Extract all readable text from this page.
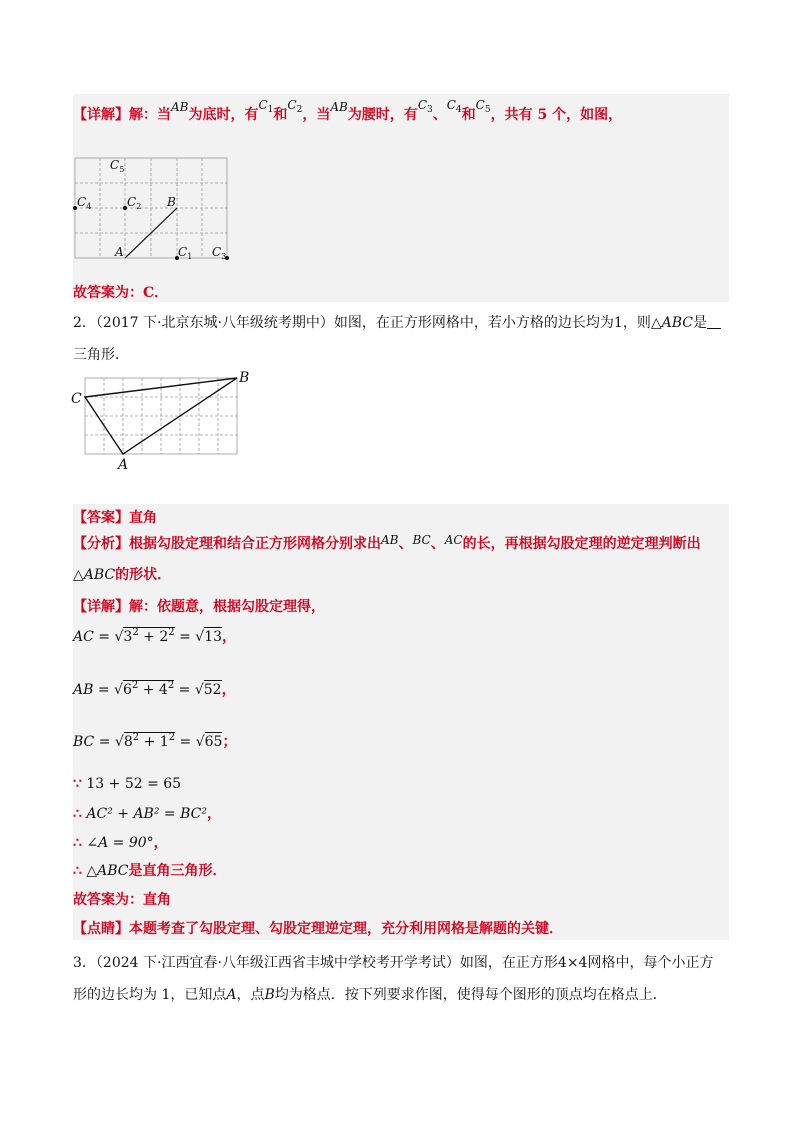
【详解】解：当AB为底时，有$C_1$和$C_2$，当AB为腰时，有$C_3$、$C_4$和$C_5$，共有 5 个，如图，
$C_5$
$C_4$	$C_2$ B
A	$C_1$ $C_3$
故答案为：C．
2．（2017 下·北京东城·八年级统考期中）如图，在正方形网格中，若小方格的边长均为1，则△ABC是
三角形．
C
B
A
【答案】直角
【分析】根据勾股定理和结合正方形网格分别求出AB、BC、AC的长，再根据勾股定理的逆定理判断出
△ABC的形状．
【详解】解：依题意，根据勾股定理得，
AC = $√3^2 + 2^2 = √13$，
AB = $√6^2 + 4^2 = √52$，
BC = $√8^2 + 1^2 = √65$；
∵ 13 + 52 = 65
∴ AC² + AB² = BC²，
∴ ∠A = 90°，
∴ △ABC是直角三角形．
故答案为：直角
【点睛】本题考查了勾股定理、勾股定理逆定理，充分利用网格是解题的关键．
3．（2024 下·江西宜春·八年级江西省丰城中学校考开学考试）如图，在正方形4×4网格中，每个小正方
形的边长均为 1，已知点A，点B均为格点．按下列要求作图，使得每个图形的顶点均在格点上．
